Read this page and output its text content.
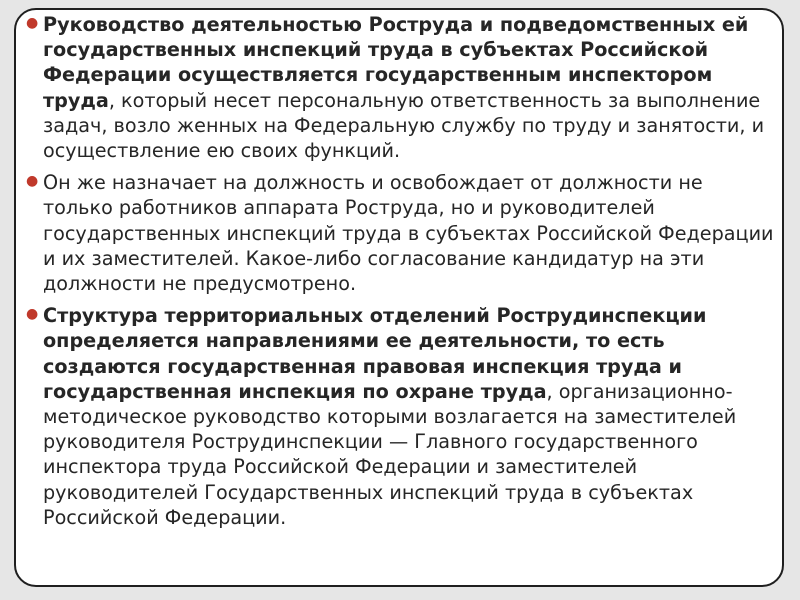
● Руководство деятельностью Роструда и подведомственных ей государственных инспекций труда в субъектах Российской Федерации осуществляется государственным инспектором труда, который несет персональную ответственность за выполнение задач, возло женных на Федеральную службу по труду и занятости, и осуществление ею своих функций.

● Он же назначает на должность и освобождает от должности не только работников аппарата Роструда, но и руководителей государственных инспекций труда в субъектах Российской Федерации и их заместителей. Какое-либо согласование кандидатур на эти должности не предусмотрено.

● Структура территориальных отделений Рострудинспекции определяется направлениями ее деятельности, то есть создаются государственная правовая инспекция труда и государственная инспекция по охране труда, организационно-методическое руководство которыми возлагается на заместителей руководителя Рострудинспекции — Главного государственного инспектора труда Российской Федерации и заместителей руководителей Государственных инспекций труда в субъектах Российской Федерации.
